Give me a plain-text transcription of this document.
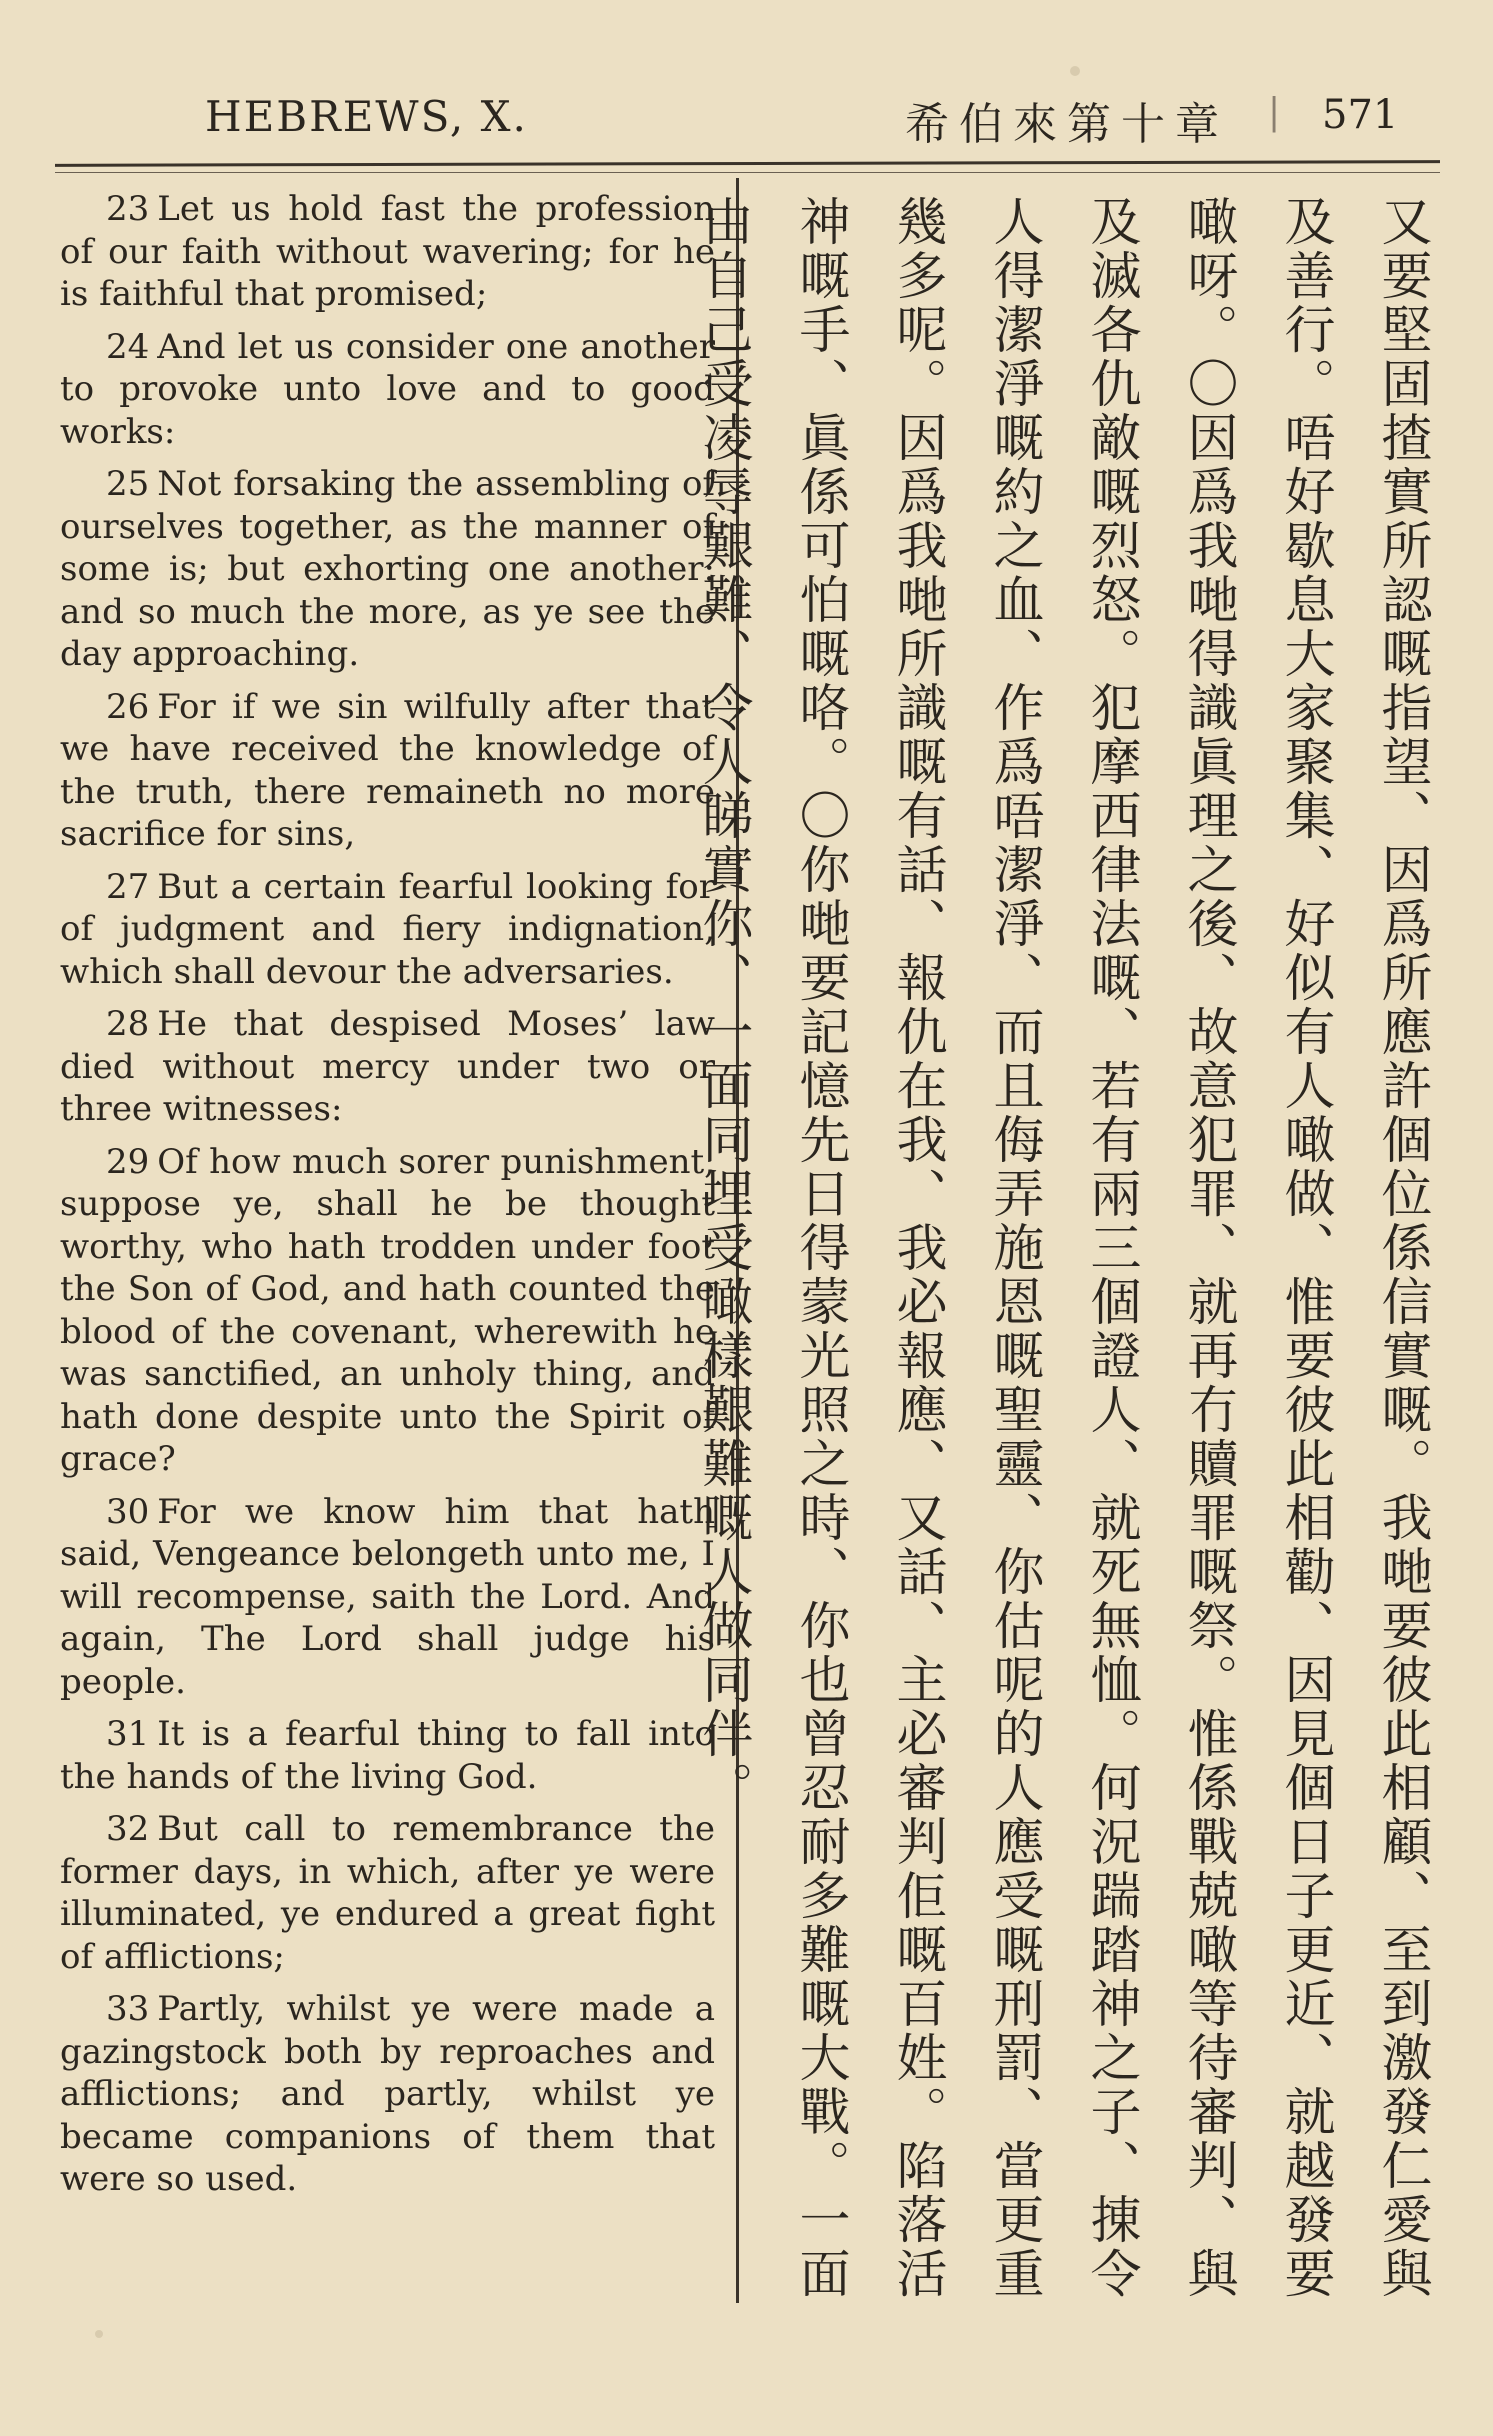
HEBREWS, X.	希伯來第十章 | 571

23 Let us hold fast the profession of our faith without wavering; for he is faithful that promised;

24 And let us consider one another to provoke unto love and to good works:

25 Not forsaking the assembling of ourselves together, as the manner of some is; but exhorting one another: and so much the more, as ye see the day approaching.

26 For if we sin wilfully after that we have received the knowledge of the truth, there remaineth no more sacrifice for sins,

27 But a certain fearful looking for of judgment and fiery indignation, which shall devour the adversaries.

28 He that despised Moses’ law died without mercy under two or three witnesses:

29 Of how much sorer punishment, suppose ye, shall he be thought worthy, who hath trodden under foot the Son of God, and hath counted the blood of the covenant, wherewith he was sanctified, an unholy thing, and hath done despite unto the Spirit of grace?

30 For we know him that hath said, Vengeance belongeth unto me, I will recompense, saith the Lord. And again, The Lord shall judge his people.

31 It is a fearful thing to fall into the hands of the living God.

32 But call to remembrance the former days, in which, after ye were illuminated, ye endured a great fight of afflictions;

33 Partly, whilst ye were made a gazingstock both by reproaches and afflictions; and partly, whilst ye became companions of them that were so used.	又要堅固揸實所認嘅指望、因爲所應許個位係信實嘅。我哋要彼此相顧、至到激發仁愛與及善行。唔好歇息大家聚集、好似有人噉做、惟要彼此相勸、因見個日子更近、就越發要噉呀。〇因爲我哋得識眞理之後、故意犯罪、就再冇贖罪嘅祭。惟係戰兢噉等待審判、與及滅各仇敵嘅烈怒。犯摩西律法嘅、若有兩三個證人、就死無恤。何況踹踏神之子、㨂令人得潔淨嘅約之血、作爲唔潔淨、而且侮弄施恩嘅聖靈、你估呢的人應受嘅刑罰、當更重幾多呢。因爲我哋所識嘅有話、報仇在我、我必報應、又話、主必審判佢嘅百姓。陷落活神嘅手、眞係可怕嘅咯。〇你哋要記憶先日得蒙光照之時、你也曾忍耐多難嘅大戰。一面由自己受凌辱艱難、令人睇實你、一面同埋受噉樣艱難嘅人做同伴。
